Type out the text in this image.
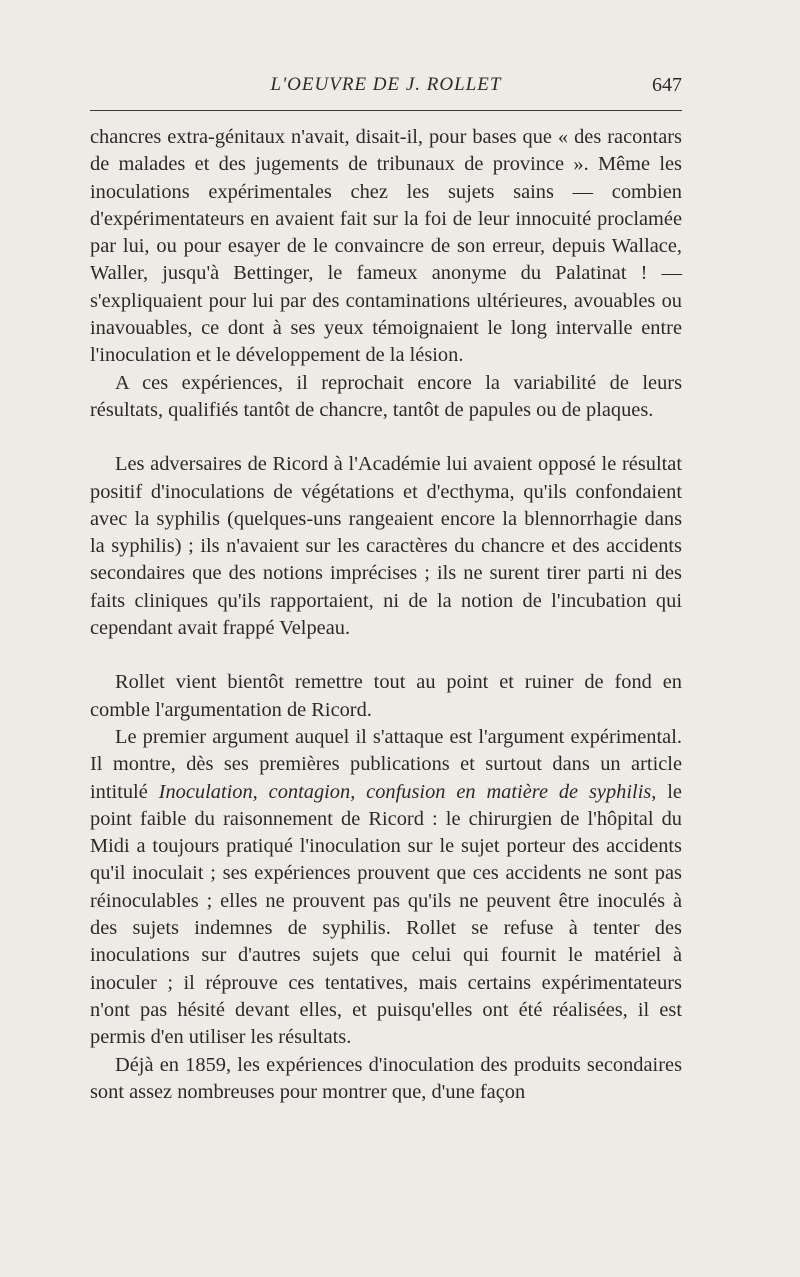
L'OEUVRE DE J. ROLLET	647

chancres extra-génitaux n'avait, disait-il, pour bases que « des racontars de malades et des jugements de tribunaux de province ». Même les inoculations expérimentales chez les sujets sains — combien d'expérimentateurs en avaient fait sur la foi de leur innocuité proclamée par lui, ou pour esayer de le convaincre de son erreur, depuis Wallace, Waller, jusqu'à Bettinger, le fameux anonyme du Palatinat ! — s'expliquaient pour lui par des contaminations ultérieures, avouables ou inavouables, ce dont à ses yeux témoignaient le long intervalle entre l'inoculation et le développement de la lésion.

A ces expériences, il reprochait encore la variabilité de leurs résultats, qualifiés tantôt de chancre, tantôt de papules ou de plaques.

Les adversaires de Ricord à l'Académie lui avaient opposé le résultat positif d'inoculations de végétations et d'ecthyma, qu'ils confondaient avec la syphilis (quelques-uns rangeaient encore la blennorrhagie dans la syphilis) ; ils n'avaient sur les caractères du chancre et des accidents secondaires que des notions imprécises ; ils ne surent tirer parti ni des faits cliniques qu'ils rapportaient, ni de la notion de l'incubation qui cependant avait frappé Velpeau.

Rollet vient bientôt remettre tout au point et ruiner de fond en comble l'argumentation de Ricord.

Le premier argument auquel il s'attaque est l'argument expérimental. Il montre, dès ses premières publications et surtout dans un article intitulé Inoculation, contagion, confusion en matière de syphilis, le point faible du raisonnement de Ricord : le chirurgien de l'hôpital du Midi a toujours pratiqué l'inoculation sur le sujet porteur des accidents qu'il inoculait ; ses expériences prouvent que ces accidents ne sont pas réinoculables ; elles ne prouvent pas qu'ils ne peuvent être inoculés à des sujets indemnes de syphilis. Rollet se refuse à tenter des inoculations sur d'autres sujets que celui qui fournit le matériel à inoculer ; il réprouve ces tentatives, mais certains expérimentateurs n'ont pas hésité devant elles, et puisqu'elles ont été réalisées, il est permis d'en utiliser les résultats.

Déjà en 1859, les expériences d'inoculation des produits secondaires sont assez nombreuses pour montrer que, d'une façon
